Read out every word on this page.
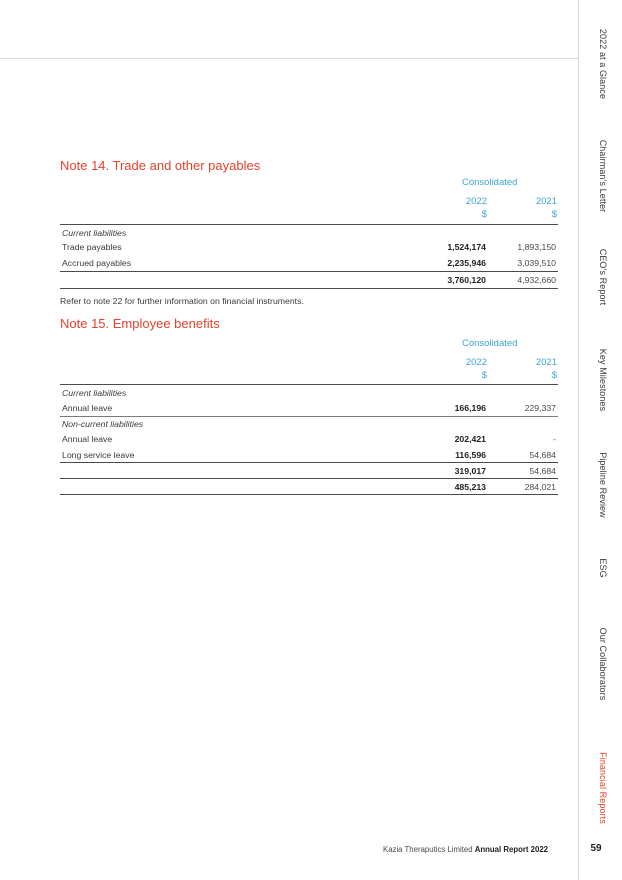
2022 at a Glance
Chairman’s Letter
CEO’s Report
Key Milestones
Pipeline Review
ESG
Our Collaborators
Financial Reports
Note 14. Trade and other payables
Consolidated
2022
$
2021
$
Current liabilities
Trade payables	1,524,174	1,893,150
Accrued payables	2,235,946	3,039,510
3,760,120	4,932,660
Refer to note 22 for further information on financial instruments.
Note 15. Employee benefits
Consolidated
2022
$
2021
$
Current liabilities
Annual leave	166,196	229,337
Non-current liabilities
Annual leave	202,421	-
Long service leave	116,596	54,684
319,017	54,684
485,213	284,021
Kazia Theraputics Limited Annual Report 2022	59
